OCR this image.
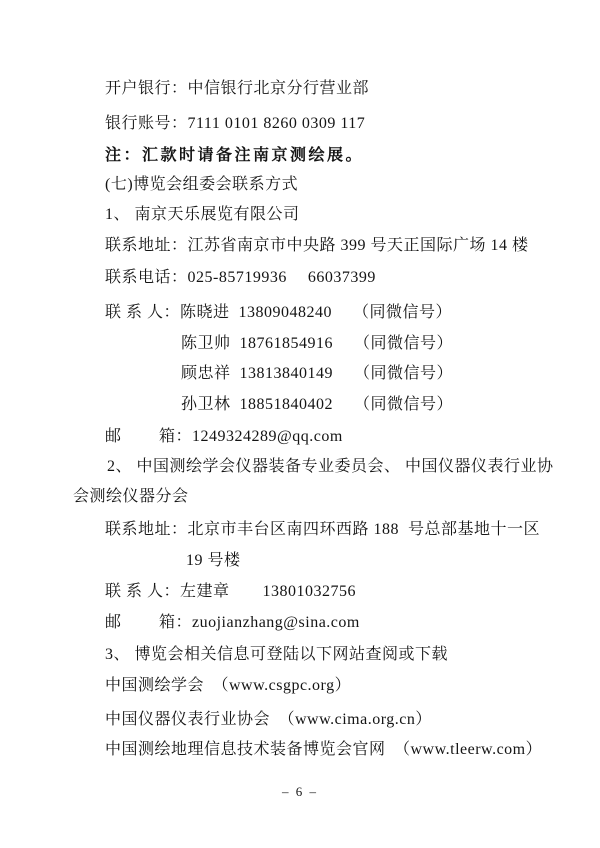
开户银行：中信银行北京分行营业部
银行账号：7111 0101 8260 0309 117
注：汇款时请备注南京测绘展。
(七)博览会组委会联系方式
1、 南京天乐展览有限公司
联系地址：江苏省南京市中央路 399 号天正国际广场 14 楼
联系电话：025-85719936　 66037399
联 系 人：陈晓进  13809048240　 （同微信号）
陈卫帅  18761854916　 （同微信号）
顾忠祥  13813840149　 （同微信号）
孙卫林  18851840402　 （同微信号）
邮　　 箱：1249324289@qq.com
2、 中国测绘学会仪器装备专业委员会、 中国仪器仪表行业协
会测绘仪器分会
联系地址：北京市丰台区南四环西路 188  号总部基地十一区
19 号楼
联 系 人：左建章　　13801032756
邮　　 箱：zuojianzhang@sina.com
3、 博览会相关信息可登陆以下网站查阅或下载
中国测绘学会　（www.csgpc.org）
中国仪器仪表行业协会　（www.cima.org.cn）
中国测绘地理信息技术装备博览会官网　（www.tleerw.com）
– 6 –
